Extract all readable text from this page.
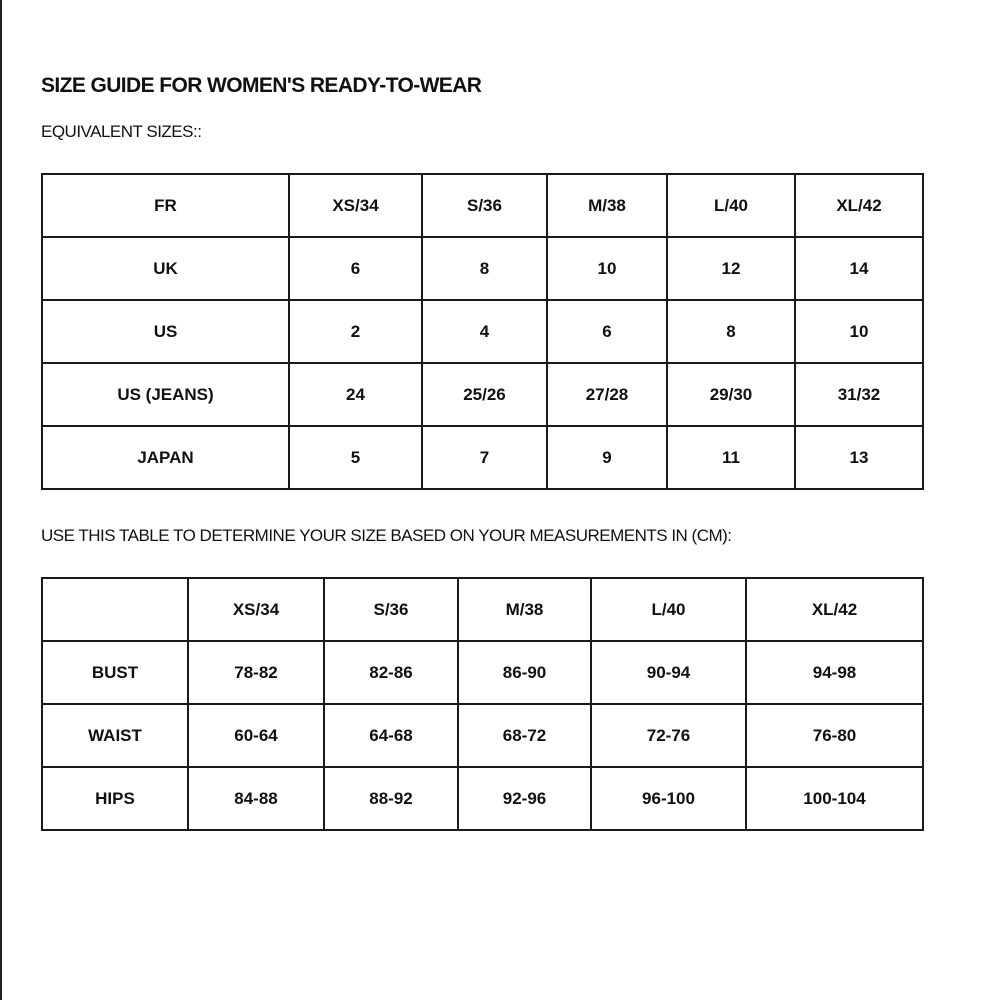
SIZE GUIDE FOR WOMEN'S READY-TO-WEAR
EQUIVALENT SIZES::
FR	XS/34	S/36	M/38	L/40	XL/42
UK	6	8	10	12	14
US	2	4	6	8	10
US (JEANS)	24	25/26	27/28	29/30	31/32
JAPAN	5	7	9	11	13
USE THIS TABLE TO DETERMINE YOUR SIZE BASED ON YOUR MEASUREMENTS IN (CM):
	XS/34	S/36	M/38	L/40	XL/42
BUST	78-82	82-86	86-90	90-94	94-98
WAIST	60-64	64-68	68-72	72-76	76-80
HIPS	84-88	88-92	92-96	96-100	100-104
